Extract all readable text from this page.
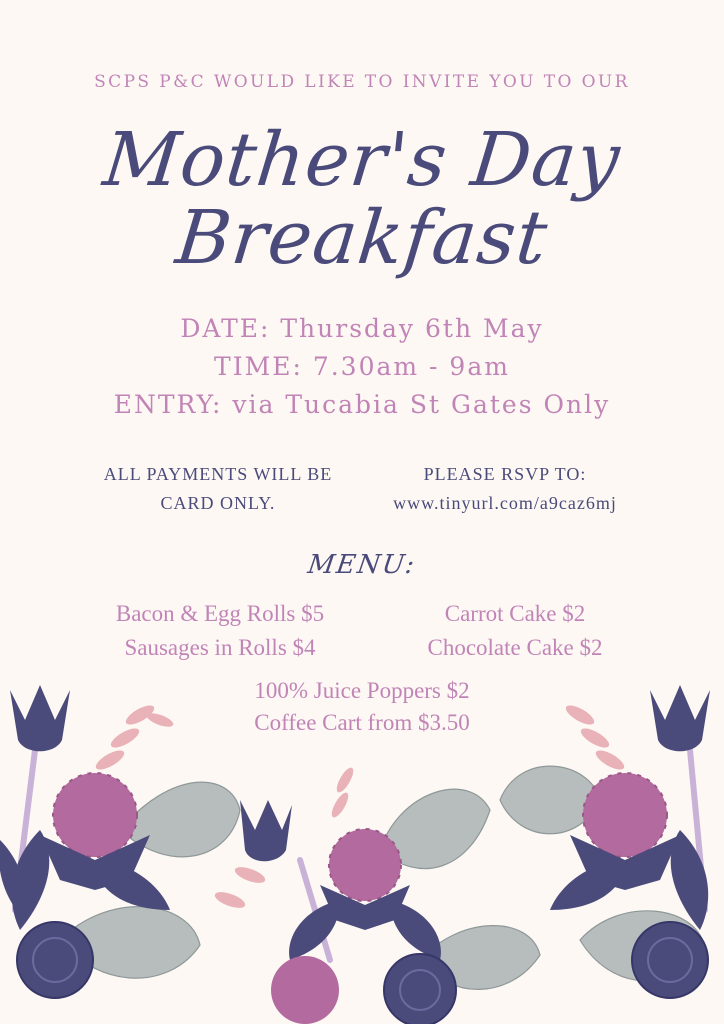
SCPS P&C WOULD LIKE TO INVITE YOU TO OUR
Mother's Day
Breakfast
DATE: Thursday 6th May
TIME: 7.30am - 9am
ENTRY: via Tucabia St Gates Only
ALL PAYMENTS WILL BE
CARD ONLY.
PLEASE RSVP TO:
www.tinyurl.com/a9caz6mj
MENU:
Bacon & Egg Rolls $5
Sausages in Rolls $4
Carrot Cake $2
Chocolate Cake $2
100% Juice Poppers $2
Coffee Cart from $3.50
